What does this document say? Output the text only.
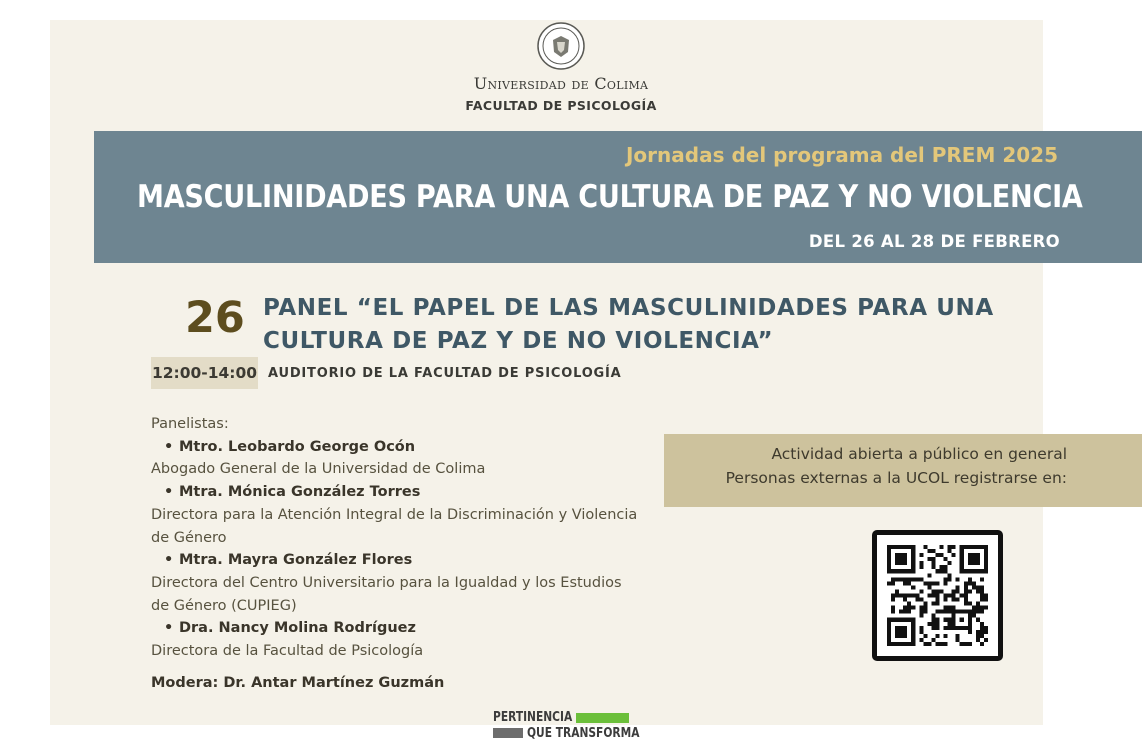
Universidad de Colima
FACULTAD DE PSICOLOGÍA
Jornadas del programa del PREM 2025
MASCULINIDADES PARA UNA CULTURA DE PAZ Y NO VIOLENCIA
DEL 26 AL 28 DE FEBRERO
26 PANEL “EL PAPEL DE LAS MASCULINIDADES PARA UNA
CULTURA DE PAZ Y DE NO VIOLENCIA”
12:00-14:00 AUDITORIO DE LA FACULTAD DE PSICOLOGÍA
Panelistas:
• Mtro. Leobardo George Ocón
Abogado General de la Universidad de Colima
• Mtra. Mónica González Torres
Directora para la Atención Integral de la Discriminación y Violencia de Género
• Mtra. Mayra González Flores
Directora del Centro Universitario para la Igualdad y los Estudios de Género (CUPIEG)
• Dra. Nancy Molina Rodríguez
Directora de la Facultad de Psicología
Modera: Dr. Antar Martínez Guzmán
Actividad abierta a público en general
Personas externas a la UCOL registrarse en:
PERTINENCIA
QUE TRANSFORMA
